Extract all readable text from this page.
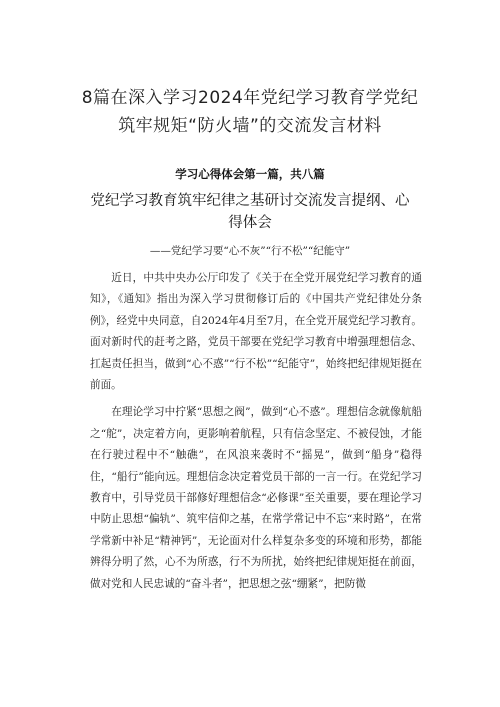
8篇在深入学习2024年党纪学习教育学党纪
筑牢规矩“防火墙”的交流发言材料
学习心得体会第一篇，共八篇
党纪学习教育筑牢纪律之基研讨交流发言提纲、心
得体会
——党纪学习要“心不灰”“行不松”“纪能守”

近日，中共中央办公厅印发了《关于在全党开展党纪学习教育的通知》，《通知》指出为深入学习贯彻修订后的《中国共产党纪律处分条例》，经党中央同意，自2024年4月至7月，在全党开展党纪学习教育。面对新时代的赶考之路，党员干部要在党纪学习教育中增强理想信念、扛起责任担当，做到“心不惑”“行不松”“纪能守”，始终把纪律规矩挺在前面。

在理论学习中拧紧“思想之阀”，做到“心不惑”。理想信念就像航船之“舵”，决定着方向，更影响着航程，只有信念坚定、不被侵蚀，才能在行驶过程中不“触礁”，在风浪来袭时不“摇晃”，做到“船身”稳得住，“船行”能向远。理想信念决定着党员干部的一言一行。在党纪学习教育中，引导党员干部修好理想信念“必修课”至关重要，要在理论学习中防止思想“偏轨”、筑牢信仰之基，在常学常记中不忘“来时路”，在常学常新中补足“精神钙”，无论面对什么样复杂多变的环境和形势，都能辨得分明了然，心不为所惑，行不为所扰，始终把纪律规矩挺在前面，做对党和人民忠诚的“奋斗者”，把思想之弦“绷紧”，把防微
